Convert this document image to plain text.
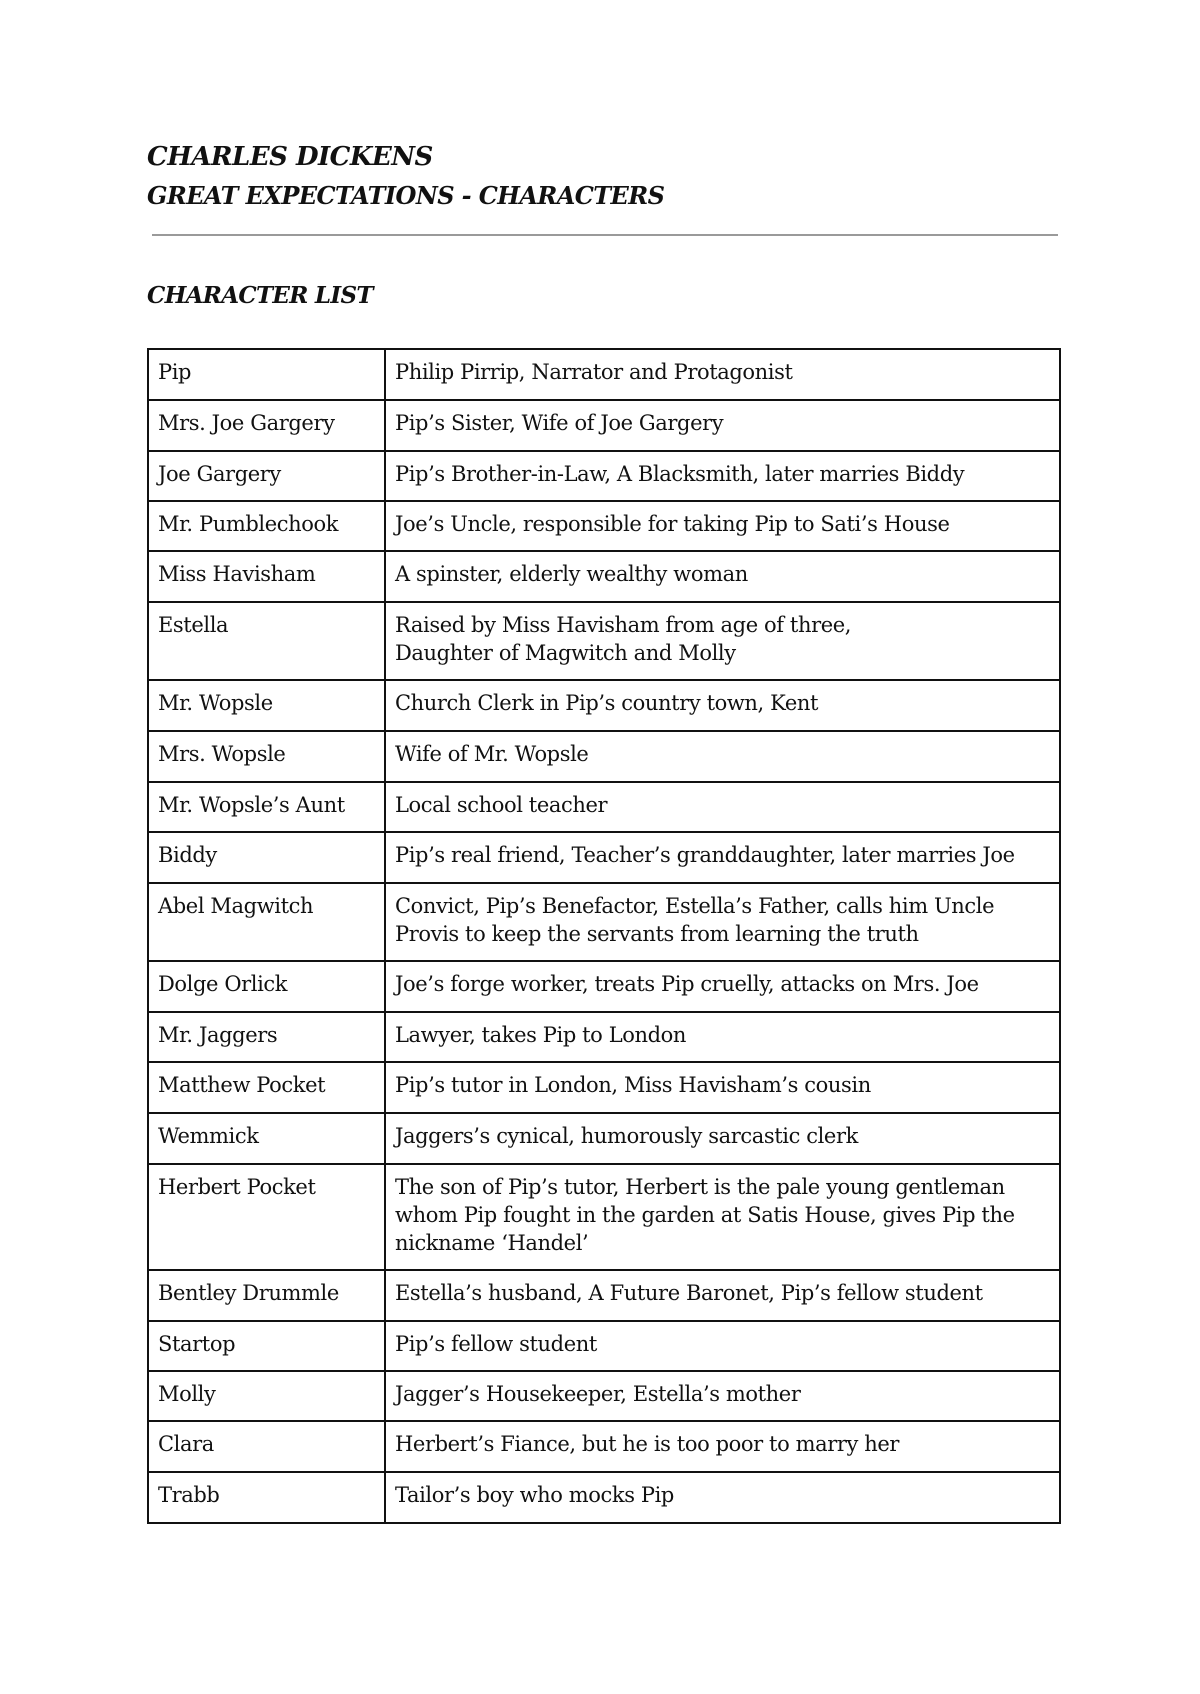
CHARLES DICKENS
GREAT EXPECTATIONS - CHARACTERS
CHARACTER LIST
Pip	Philip Pirrip, Narrator and Protagonist
Mrs. Joe Gargery	Pip’s Sister, Wife of Joe Gargery
Joe Gargery	Pip’s Brother-in-Law, A Blacksmith, later marries Biddy
Mr. Pumblechook	Joe’s Uncle, responsible for taking Pip to Sati’s House
Miss Havisham	A spinster, elderly wealthy woman
Estella	Raised by Miss Havisham from age of three,
Daughter of Magwitch and Molly
Mr. Wopsle	Church Clerk in Pip’s country town, Kent
Mrs. Wopsle	Wife of Mr. Wopsle
Mr. Wopsle’s Aunt	Local school teacher
Biddy	Pip’s real friend, Teacher’s granddaughter, later marries Joe
Abel Magwitch	Convict, Pip’s Benefactor, Estella’s Father, calls him Uncle
Provis to keep the servants from learning the truth
Dolge Orlick	Joe’s forge worker, treats Pip cruelly, attacks on Mrs. Joe
Mr. Jaggers	Lawyer, takes Pip to London
Matthew Pocket	Pip’s tutor in London, Miss Havisham’s cousin
Wemmick	Jaggers’s cynical, humorously sarcastic clerk
Herbert Pocket	The son of Pip’s tutor, Herbert is the pale young gentleman
whom Pip fought in the garden at Satis House, gives Pip the
nickname ‘Handel’
Bentley Drummle	Estella’s husband, A Future Baronet, Pip’s fellow student
Startop	Pip’s fellow student
Molly	Jagger’s Housekeeper, Estella’s mother
Clara	Herbert’s Fiance, but he is too poor to marry her
Trabb	Tailor’s boy who mocks Pip
